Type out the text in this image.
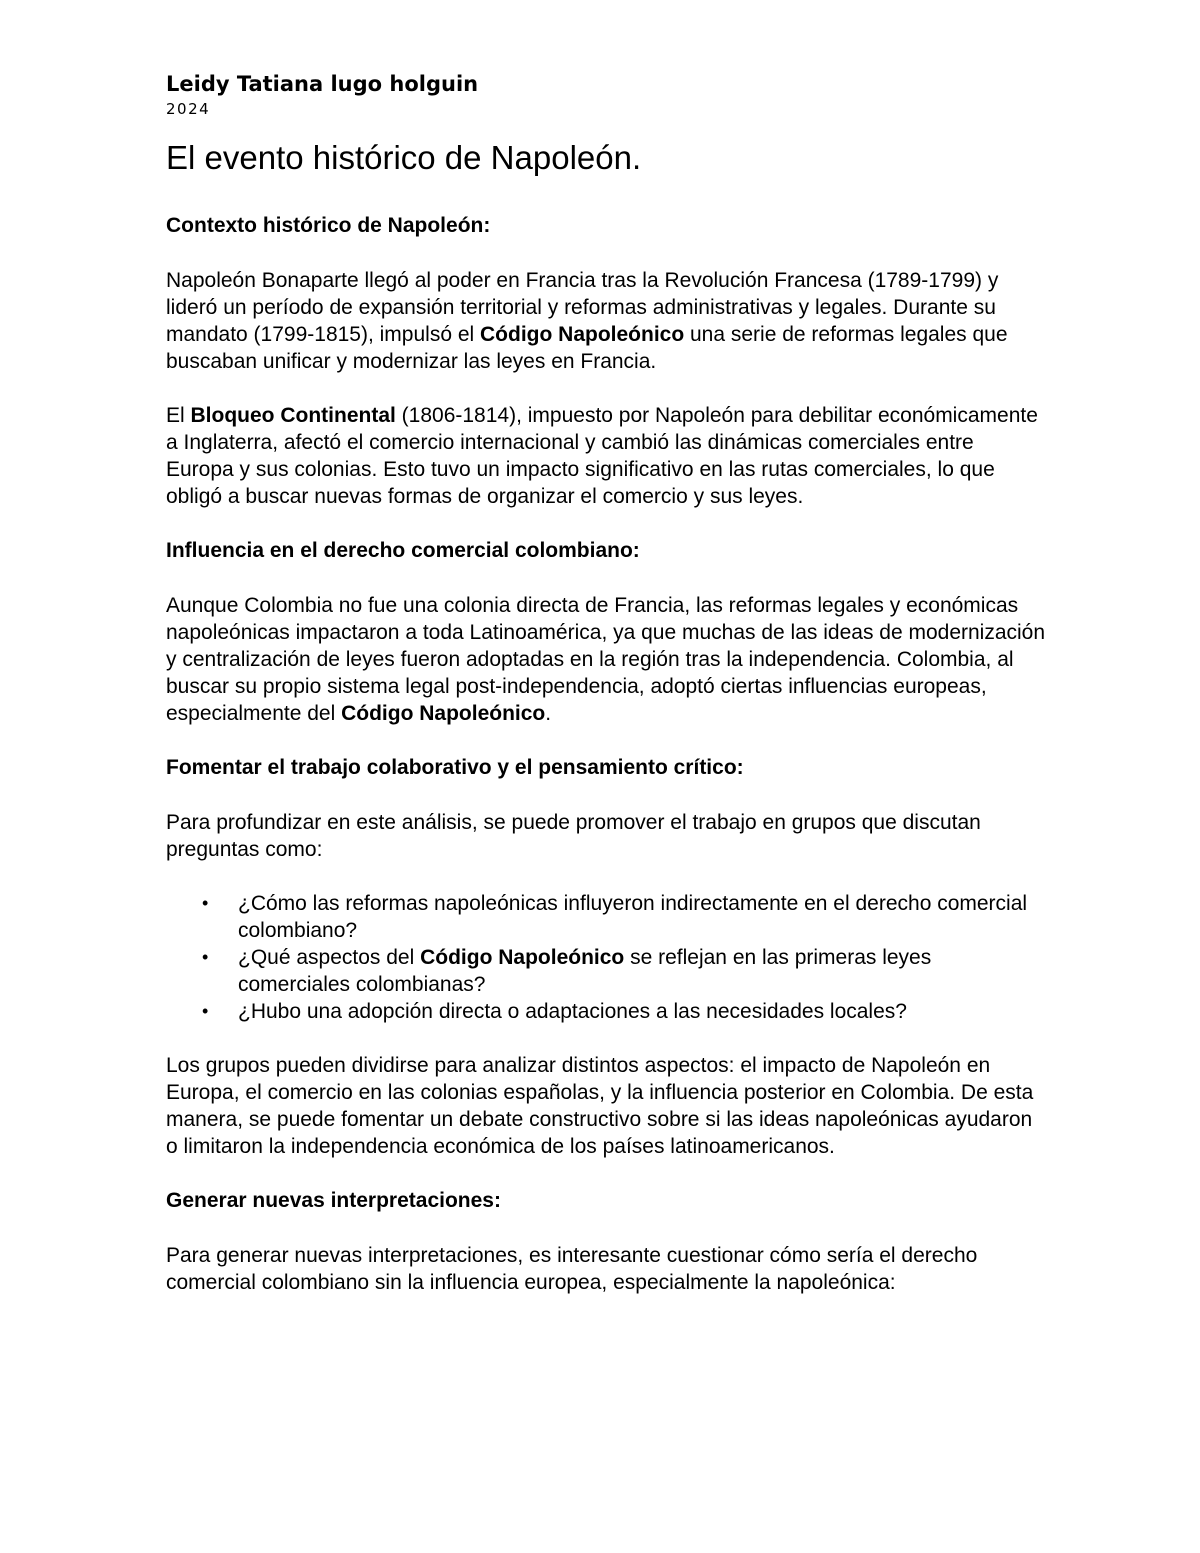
Leidy Tatiana lugo holguin

2024

El evento histórico de Napoleón.

Contexto histórico de Napoleón:

Napoleón Bonaparte llegó al poder en Francia tras la Revolución Francesa (1789-1799) y lideró un período de expansión territorial y reformas administrativas y legales. Durante su mandato (1799-1815), impulsó el Código Napoleónico una serie de reformas legales que buscaban unificar y modernizar las leyes en Francia.

El Bloqueo Continental (1806-1814), impuesto por Napoleón para debilitar económicamente a Inglaterra, afectó el comercio internacional y cambió las dinámicas comerciales entre Europa y sus colonias. Esto tuvo un impacto significativo en las rutas comerciales, lo que obligó a buscar nuevas formas de organizar el comercio y sus leyes.

Influencia en el derecho comercial colombiano:

Aunque Colombia no fue una colonia directa de Francia, las reformas legales y económicas napoleónicas impactaron a toda Latinoamérica, ya que muchas de las ideas de modernización y centralización de leyes fueron adoptadas en la región tras la independencia. Colombia, al buscar su propio sistema legal post-independencia, adoptó ciertas influencias europeas, especialmente del Código Napoleónico.

Fomentar el trabajo colaborativo y el pensamiento crítico:

Para profundizar en este análisis, se puede promover el trabajo en grupos que discutan preguntas como:

• ¿Cómo las reformas napoleónicas influyeron indirectamente en el derecho comercial colombiano?
• ¿Qué aspectos del Código Napoleónico se reflejan en las primeras leyes comerciales colombianas?
• ¿Hubo una adopción directa o adaptaciones a las necesidades locales?

Los grupos pueden dividirse para analizar distintos aspectos: el impacto de Napoleón en Europa, el comercio en las colonias españolas, y la influencia posterior en Colombia. De esta manera, se puede fomentar un debate constructivo sobre si las ideas napoleónicas ayudaron o limitaron la independencia económica de los países latinoamericanos.

Generar nuevas interpretaciones:

Para generar nuevas interpretaciones, es interesante cuestionar cómo sería el derecho comercial colombiano sin la influencia europea, especialmente la napoleónica:
